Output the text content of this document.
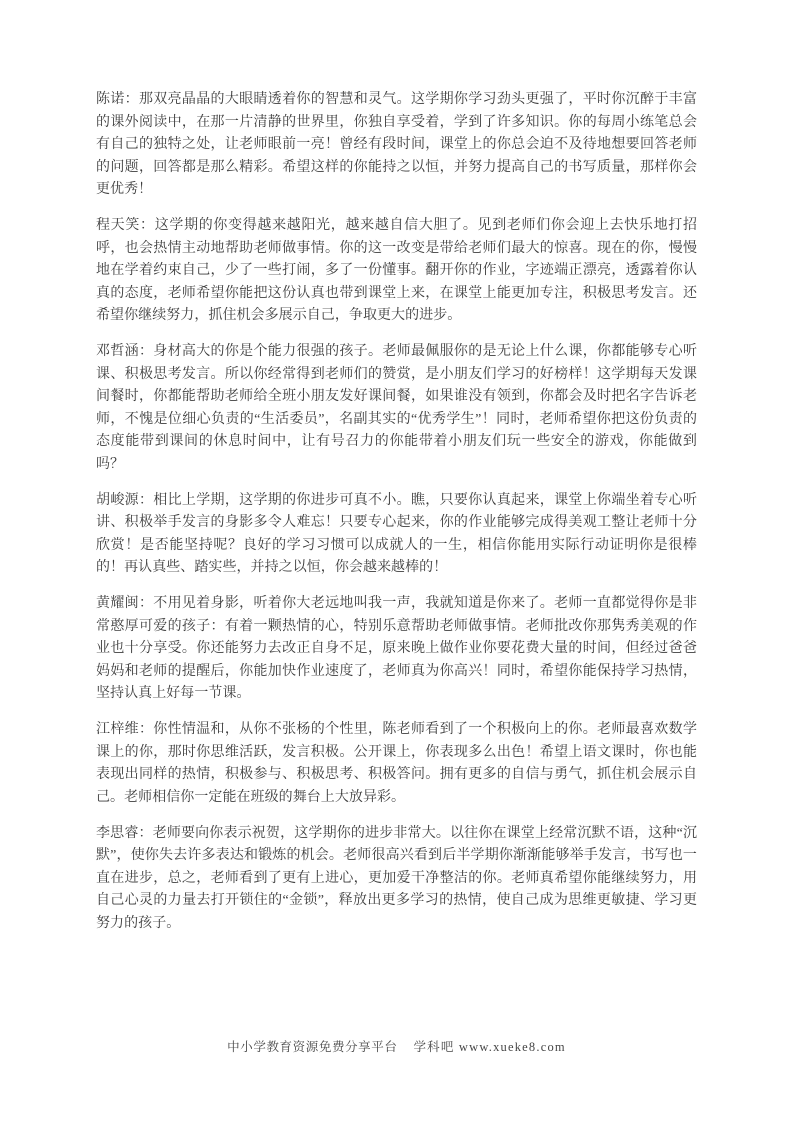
陈诺：那双亮晶晶的大眼睛透着你的智慧和灵气。这学期你学习劲头更强了，平时你沉醉于丰富的课外阅读中，在那一片清静的世界里，你独自享受着，学到了许多知识。你的每周小练笔总会有自己的独特之处，让老师眼前一亮！曾经有段时间，课堂上的你总会迫不及待地想要回答老师的问题，回答都是那么精彩。希望这样的你能持之以恒，并努力提高自己的书写质量，那样你会更优秀！

程天笑：这学期的你变得越来越阳光，越来越自信大胆了。见到老师们你会迎上去快乐地打招呼，也会热情主动地帮助老师做事情。你的这一改变是带给老师们最大的惊喜。现在的你，慢慢地在学着约束自己，少了一些打闹，多了一份懂事。翻开你的作业，字迹端正漂亮，透露着你认真的态度，老师希望你能把这份认真也带到课堂上来，在课堂上能更加专注，积极思考发言。还希望你继续努力，抓住机会多展示自己，争取更大的进步。

邓哲涵：身材高大的你是个能力很强的孩子。老师最佩服你的是无论上什么课，你都能够专心听课、积极思考发言。所以你经常得到老师们的赞赏，是小朋友们学习的好榜样！这学期每天发课间餐时，你都能帮助老师给全班小朋友发好课间餐，如果谁没有领到，你都会及时把名字告诉老师，不愧是位细心负责的“生活委员”，名副其实的“优秀学生”！同时，老师希望你把这份负责的态度能带到课间的休息时间中，让有号召力的你能带着小朋友们玩一些安全的游戏，你能做到吗？

胡峻源：相比上学期，这学期的你进步可真不小。瞧，只要你认真起来，课堂上你端坐着专心听讲、积极举手发言的身影多令人难忘！只要专心起来，你的作业能够完成得美观工整让老师十分欣赏！是否能坚持呢？良好的学习习惯可以成就人的一生，相信你能用实际行动证明你是很棒的！再认真些、踏实些，并持之以恒，你会越来越棒的！

黄耀闽：不用见着身影，听着你大老远地叫我一声，我就知道是你来了。老师一直都觉得你是非常憨厚可爱的孩子：有着一颗热情的心，特别乐意帮助老师做事情。老师批改你那隽秀美观的作业也十分享受。你还能努力去改正自身不足，原来晚上做作业你要花费大量的时间，但经过爸爸妈妈和老师的提醒后，你能加快作业速度了，老师真为你高兴！同时，希望你能保持学习热情，坚持认真上好每一节课。

江梓维：你性情温和，从你不张杨的个性里，陈老师看到了一个积极向上的你。老师最喜欢数学课上的你，那时你思维活跃，发言积极。公开课上，你表现多么出色！希望上语文课时，你也能表现出同样的热情，积极参与、积极思考、积极答问。拥有更多的自信与勇气，抓住机会展示自己。老师相信你一定能在班级的舞台上大放异彩。

李思睿：老师要向你表示祝贺，这学期你的进步非常大。以往你在课堂上经常沉默不语，这种“沉默”，使你失去许多表达和锻炼的机会。老师很高兴看到后半学期你渐渐能够举手发言，书写也一直在进步，总之，老师看到了更有上进心，更加爱干净整洁的你。老师真希望你能继续努力，用自己心灵的力量去打开锁住的“金锁”，释放出更多学习的热情，使自己成为思维更敏捷、学习更努力的孩子。

中小学教育资源免费分享平台 学科吧 www.xueke8.com
